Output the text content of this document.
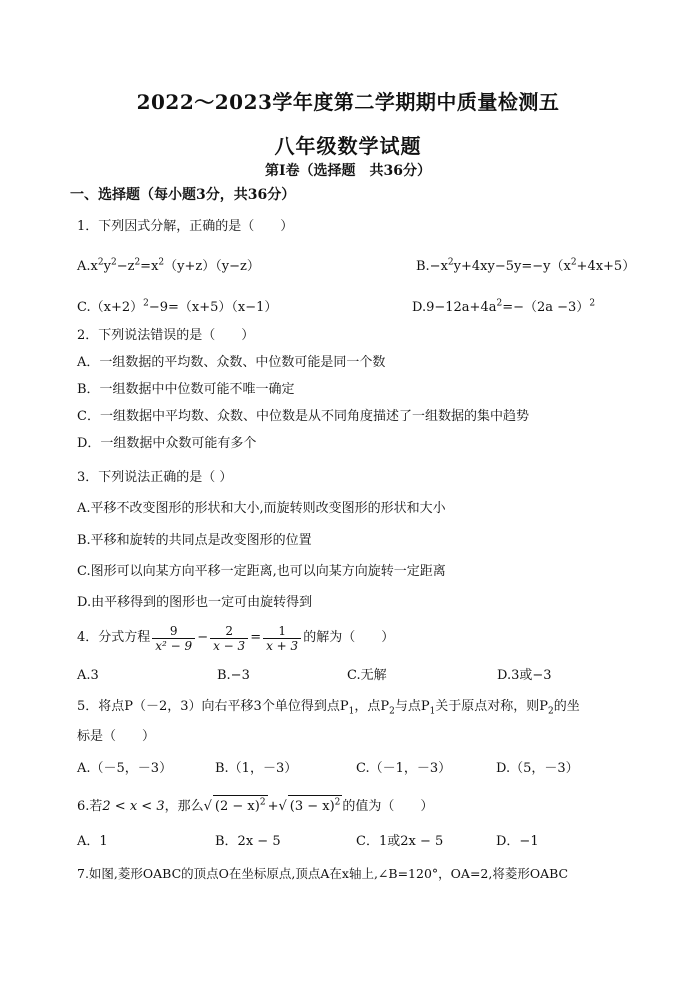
2022～2023学年度第二学期期中质量检测五
八年级数学试题
第Ⅰ卷（选择题　共36分）
一、选择题（每小题3分，共36分）
1．下列因式分解，正确的是（　　）
$A.x^2y^2-z^2=x^2(y+z)(y-z)$	$B.-x^2y+4xy-5y=-y(x^2+4x+5)$
$C.(x+2)^2-9=(x+5)(x-1)$	$D.9-12a+4a^2=-(2a -3)^2$
2．下列说法错误的是（　　）
A．一组数据的平均数、众数、中位数可能是同一个数
B．一组数据中中位数可能不唯一确定
C．一组数据中平均数、众数、中位数是从不同角度描述了一组数据的集中趋势
D．一组数据中众数可能有多个
3．下列说法正确的是（ ）
A.平移不改变图形的形状和大小,而旋转则改变图形的形状和大小
B.平移和旋转的共同点是改变图形的位置
C.图形可以向某方向平移一定距离,也可以向某方向旋转一定距离
D.由平移得到的图形也一定可由旋转得到
4．分式方程 $\frac{9}{\text{x² − 9}} - \frac{2}{x - 3} = \frac{1}{x + 3}$ 的解为（　　）
A.3	B.−3	C.无解	D.3或−3
5．将点P（－2，3）向右平移3个单位得到点$P_1$，点$P_2$与点$P_1$关于原点对称，则$P_2$的坐
标是（　　）
A.（－5，－3）	B.（1，－3）	C.（－1，－3）	D.（5，－3）
6.若2 < x < 3，那么√ $(2 - x)^2$ +√ $(3 - x)^2$ 的值为（　　）
A．1	B．2x − 5	C．1或2x − 5	D．−1
7.如图,菱形OABC的顶点O在坐标原点,顶点A在x轴上,∠B=120°，OA=2,将菱形OABC
